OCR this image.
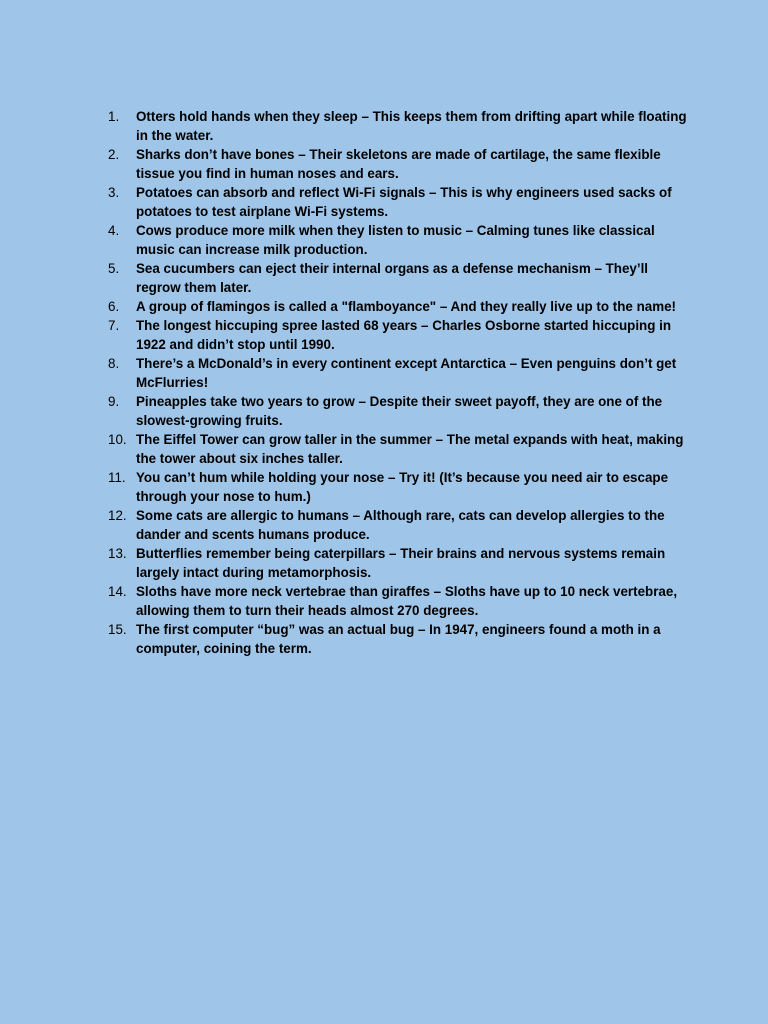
1.	Otters hold hands when they sleep – This keeps them from drifting apart while floating in the water.
2.	Sharks don’t have bones – Their skeletons are made of cartilage, the same flexible tissue you find in human noses and ears.
3.	Potatoes can absorb and reflect Wi-Fi signals – This is why engineers used sacks of potatoes to test airplane Wi-Fi systems.
4.	Cows produce more milk when they listen to music – Calming tunes like classical music can increase milk production.
5.	Sea cucumbers can eject their internal organs as a defense mechanism – They’ll regrow them later.
6.	A group of flamingos is called a "flamboyance" – And they really live up to the name!
7.	The longest hiccuping spree lasted 68 years – Charles Osborne started hiccuping in 1922 and didn’t stop until 1990.
8.	There’s a McDonald’s in every continent except Antarctica – Even penguins don’t get McFlurries!
9.	Pineapples take two years to grow – Despite their sweet payoff, they are one of the slowest-growing fruits.
10. The Eiffel Tower can grow taller in the summer – The metal expands with heat, making the tower about six inches taller.
11. You can’t hum while holding your nose – Try it! (It’s because you need air to escape through your nose to hum.)
12. Some cats are allergic to humans – Although rare, cats can develop allergies to the dander and scents humans produce.
13. Butterflies remember being caterpillars – Their brains and nervous systems remain largely intact during metamorphosis.
14. Sloths have more neck vertebrae than giraffes – Sloths have up to 10 neck vertebrae, allowing them to turn their heads almost 270 degrees.
15. The first computer “bug” was an actual bug – In 1947, engineers found a moth in a computer, coining the term.
